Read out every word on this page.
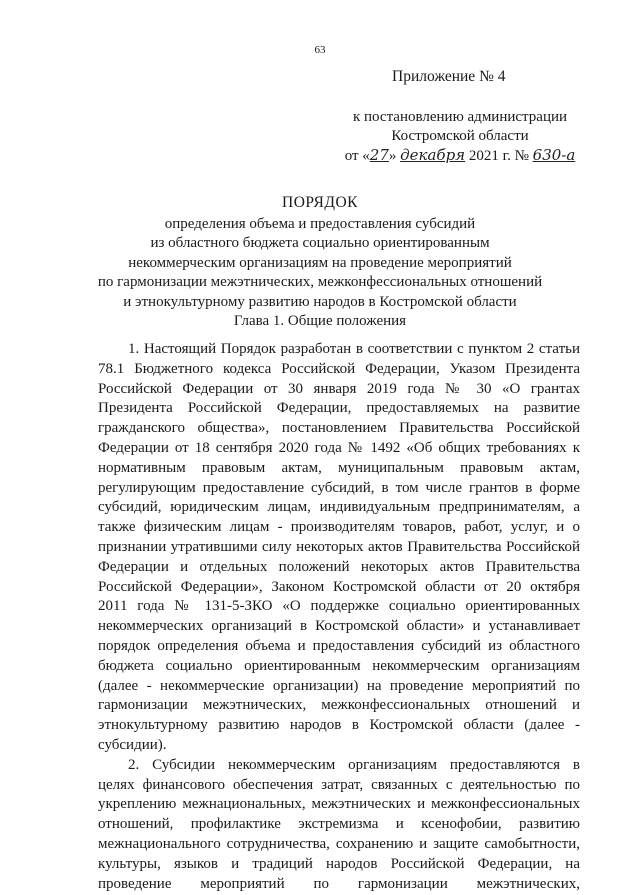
63
Приложение № 4
к постановлению администрации
Костромской области
от «27» декабря 2021 г. № 630-а
ПОРЯДОК
определения объема и предоставления субсидий
из областного бюджета социально ориентированным
некоммерческим организациям на проведение мероприятий
по гармонизации межэтнических, межконфессиональных отношений
и этнокультурному развитию народов в Костромской области
Глава 1. Общие положения
1. Настоящий Порядок разработан в соответствии с пунктом 2 статьи
78.1 Бюджетного кодекса Российской Федерации, Указом Президента
Российской Федерации от 30 января 2019 года № 30 «О грантах
Президента Российской Федерации, предоставляемых на развитие
гражданского общества», постановлением Правительства Российской
Федерации от 18 сентября 2020 года № 1492 «Об общих требованиях к
нормативным правовым актам, муниципальным правовым актам,
регулирующим предоставление субсидий, в том числе грантов в форме
субсидий, юридическим лицам, индивидуальным предпринимателям, а
также физическим лицам - производителям товаров, работ, услуг, и о
признании утратившими силу некоторых актов Правительства Российской
Федерации и отдельных положений некоторых актов Правительства
Российской Федерации», Законом Костромской области от 20 октября
2011 года № 131-5-ЗКО «О поддержке социально ориентированных
некоммерческих организаций в Костромской области» и устанавливает
порядок определения объема и предоставления субсидий из областного
бюджета социально ориентированным некоммерческим организациям
(далее - некоммерческие организации) на проведение мероприятий по
гармонизации межэтнических, межконфессиональных отношений и
этнокультурному развитию народов в Костромской области (далее -
субсидии).
2. Субсидии некоммерческим организациям предоставляются в
целях финансового обеспечения затрат, связанных с деятельностью по
укреплению межнациональных, межэтнических и межконфессиональных
отношений, профилактике экстремизма и ксенофобии, развитию
межнационального сотрудничества, сохранению и защите самобытности,
культуры, языков и традиций народов Российской Федерации, на
проведение мероприятий по гармонизации межэтнических,
